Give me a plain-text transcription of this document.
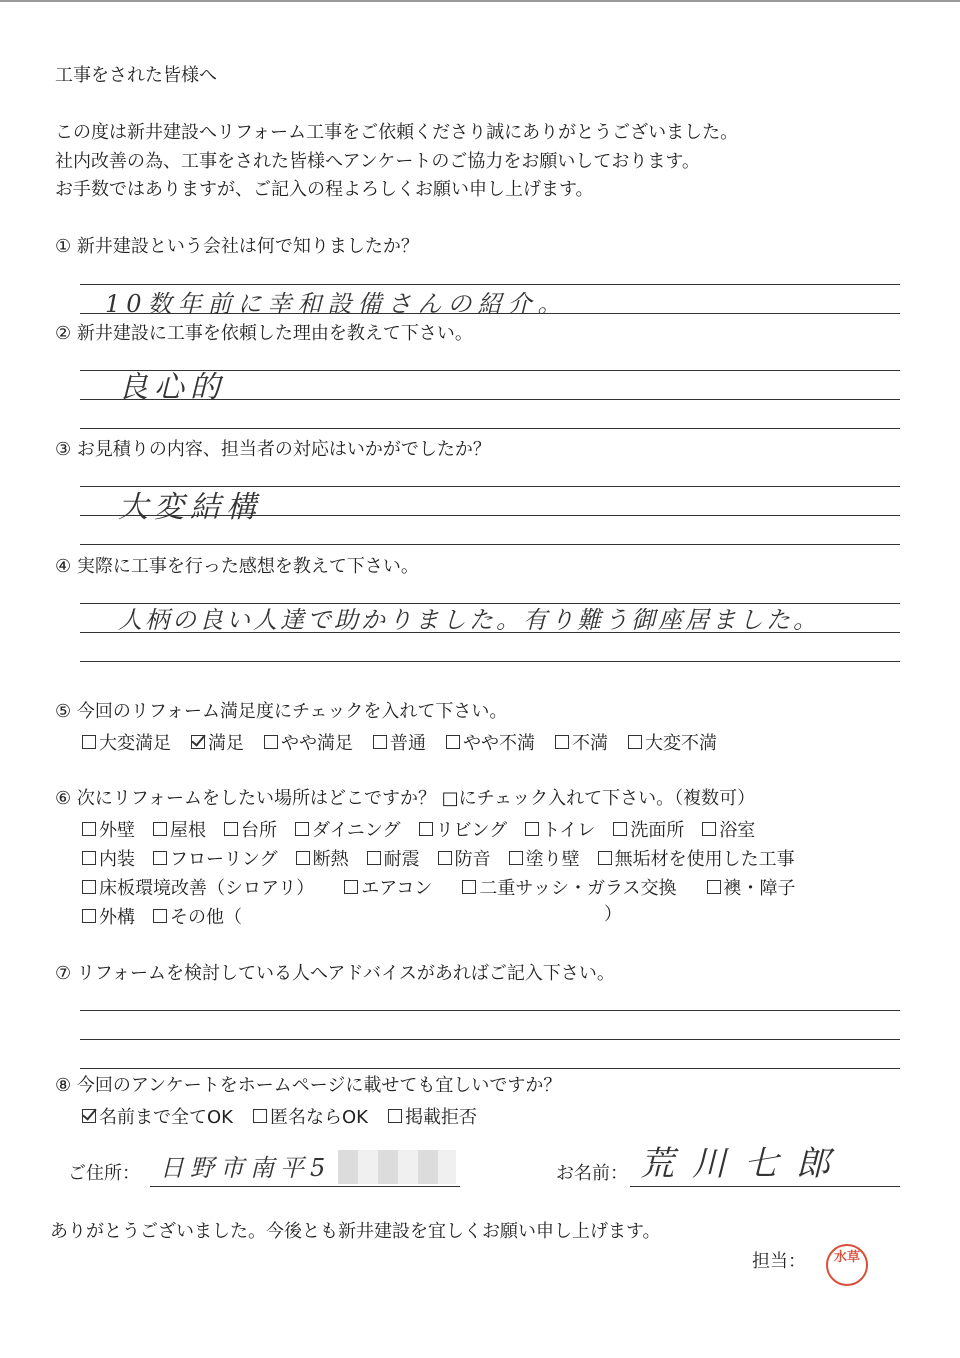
工事をされた皆様へ
この度は新井建設へリフォーム工事をご依頼くださり誠にありがとうございました。
社内改善の為、工事をされた皆様へアンケートのご協力をお願いしております。
お手数ではありますが、ご記入の程よろしくお願い申し上げます。
① 新井建設という会社は何で知りましたか？
10数年前に幸和設備さんの紹介。
② 新井建設に工事を依頼した理由を教えて下さい。
良心的
③ お見積りの内容、担当者の対応はいかがでしたか？
大変結構
④ 実際に工事を行った感想を教えて下さい。
人柄の良い人達で助かりました。有り難う御座居ました。
⑤ 今回のリフォーム満足度にチェックを入れて下さい。
大変満足 満足 やや満足 普通 やや不満 不満 大変不満
⑥ 次にリフォームをしたい場所はどこですか？ □にチェック入れて下さい。（複数可）
外壁 屋根 台所 ダイニング リビング トイレ 洗面所 浴室
内装 フローリング 断熱 耐震 防音 塗り壁 無垢材を使用した工事
床板環境改善（シロアリ）	エアコン	二重サッシ・ガラス交換	襖・障子
外構 その他（	）
⑦ リフォームを検討している人へアドバイスがあればご記入下さい。
⑧ 今回のアンケートをホームページに載せても宜しいですか？
名前まで全てOK 匿名ならOK 掲載拒否
ご住所： 日野市南平5	お名前： 荒川七郎
ありがとうございました。今後とも新井建設を宜しくお願い申し上げます。
担当：	水草
